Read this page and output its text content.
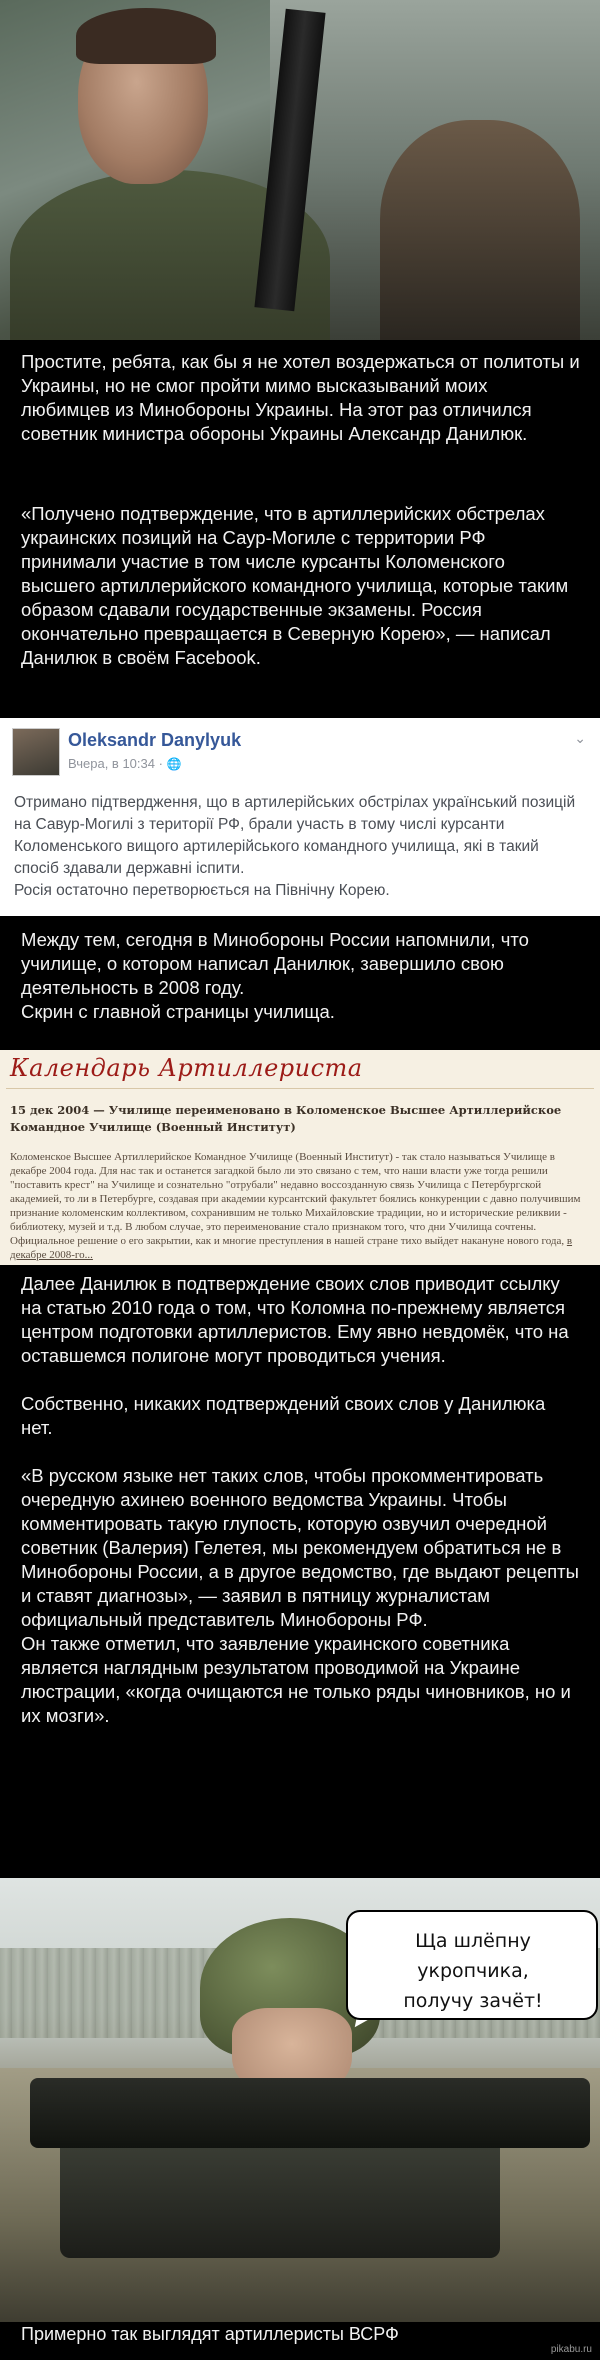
Простите, ребята, как бы я не хотел воздержаться от политоты и Украины, но не смог пройти мимо высказываний моих любимцев из Минобороны Украины. На этот раз отличился советник министра обороны Украины Александр Данилюк.
«Получено подтверждение, что в артиллерийских обстрелах украинских позиций на Саур-Могиле с территории РФ принимали участие в том числе курсанты Коломенского высшего артиллерийского командного училища, которые таким образом сдавали государственные экзамены. Россия окончательно превращается в Северную Корею», — написал Данилюк в своём Facebook.
Oleksandr Danylyuk
Вчера, в 10:34 · 🌐
⌄
Отримано підтвердження, що в артилерійських обстрілах український позицій на Савур-Могилі з території РФ, брали участь в тому числі курсанти Коломенського вищого артилерійського командного училища, які в такий спосіб здавали державні іспити.
Росія остаточно перетворюється на Північну Корею.
Между тем, сегодня в Минобороны России напомнили, что училище, о котором написал Данилюк, завершило свою деятельность в 2008 году.
Скрин с главной страницы училища.
Календарь Артиллериста
15 дек 2004 — Училище переименовано в Коломенское Высшее Артиллерийское Командное Училище (Военный Институт)
Коломенское Высшее Артиллерийское Командное Училище (Военный Институт) - так стало называться Училище в декабре 2004 года. Для нас так и останется загадкой было ли это связано с тем, что наши власти уже тогда решили "поставить крест" на Училище и сознательно "отрубали" недавно воссозданную связь Училища с Петербургской академией, то ли в Петербурге, создавая при академии курсантский факультет боялись конкуренции с давно получившим признание коломенским коллективом, сохранившим не только Михайловские традиции, но и исторические реликвии - библиотеку, музей и т.д. В любом случае, это переименование стало признаком того, что дни Училища сочтены. Официальное решение о его закрытии, как и многие преступления в нашей стране тихо выйдет накануне нового года, в декабре 2008-го...
Далее Данилюк в подтверждение своих слов приводит ссылку на статью 2010 года о том, что Коломна по-прежнему является центром подготовки артиллеристов. Ему явно невдомёк, что на оставшемся полигоне могут проводиться учения.

Собственно, никаких подтверждений своих слов у Данилюка нет.

«В русском языке нет таких слов, чтобы прокомментировать очередную ахинею военного ведомства Украины. Чтобы комментировать такую глупость, которую озвучил очередной советник (Валерия) Гелетея, мы рекомендуем обратиться не в Минобороны России, а в другое ведомство, где выдают рецепты и ставят диагнозы», — заявил в пятницу журналистам официальный представитель Минобороны РФ.
Он также отметил, что заявление украинского советника является наглядным результатом проводимой на Украине люстрации, «когда очищаются не только ряды чиновников, но и их мозги».
Ща шлёпну укропчика,
получу зачёт!
Примерно так выглядят артиллеристы ВСРФ
pikabu.ru
